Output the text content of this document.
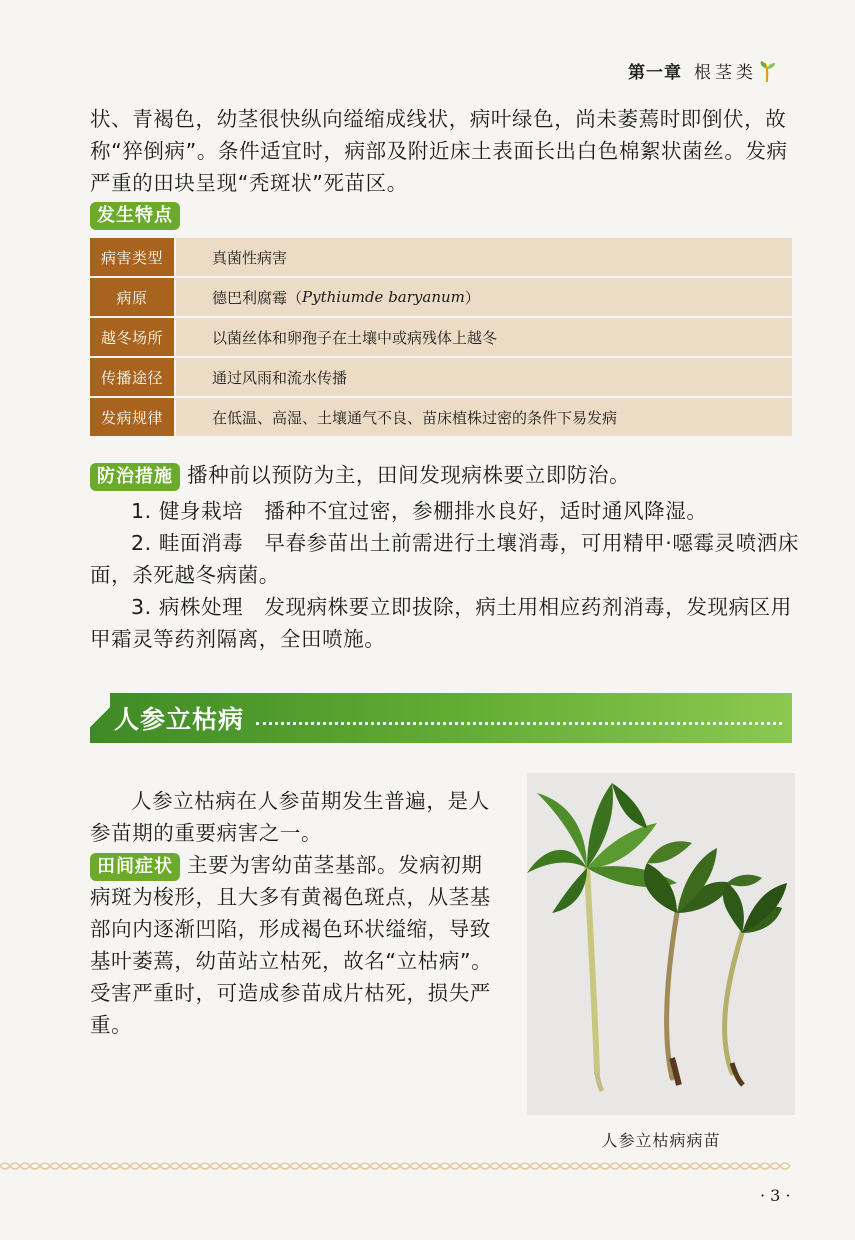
第一章 根茎类

状、青褐色，幼茎很快纵向缢缩成线状，病叶绿色，尚未萎蔫时即倒伏，故称“猝倒病”。条件适宜时，病部及附近床土表面长出白色棉絮状菌丝。发病严重的田块呈现“秃斑状”死苗区。

发生特点
病害类型	真菌性病害
病原	德巴利腐霉（ Pythiumde baryanum ）
越冬场所	以菌丝体和卵孢子在土壤中或病残体上越冬
传播途径	通过风雨和流水传播
发病规律	在低温、高湿、土壤通气不良、苗床植株过密的条件下易发病
防治措施 播种前以预防为主，田间发现病株要立即防治。

1. 健身栽培　播种不宜过密，参棚排水良好，适时通风降湿。

2. 畦面消毒　早春参苗出土前需进行土壤消毒，可用精甲·噁霉灵喷洒床面，杀死越冬病菌。

3. 病株处理　发现病株要立即拔除，病土用相应药剂消毒，发现病区用甲霜灵等药剂隔离，全田喷施。

人参立枯病

人参立枯病在人参苗期发生普遍，是人参苗期的重要病害之一。

田间症状 主要为害幼苗茎基部。发病初期病斑为梭形，且大多有黄褐色斑点，从茎基部向内逐渐凹陷，形成褐色环状缢缩，导致基叶萎蔫，幼苗站立枯死，故名“立枯病”。受害严重时，可造成参苗成片枯死，损失严重。

人参立枯病病苗

· 3 ·
